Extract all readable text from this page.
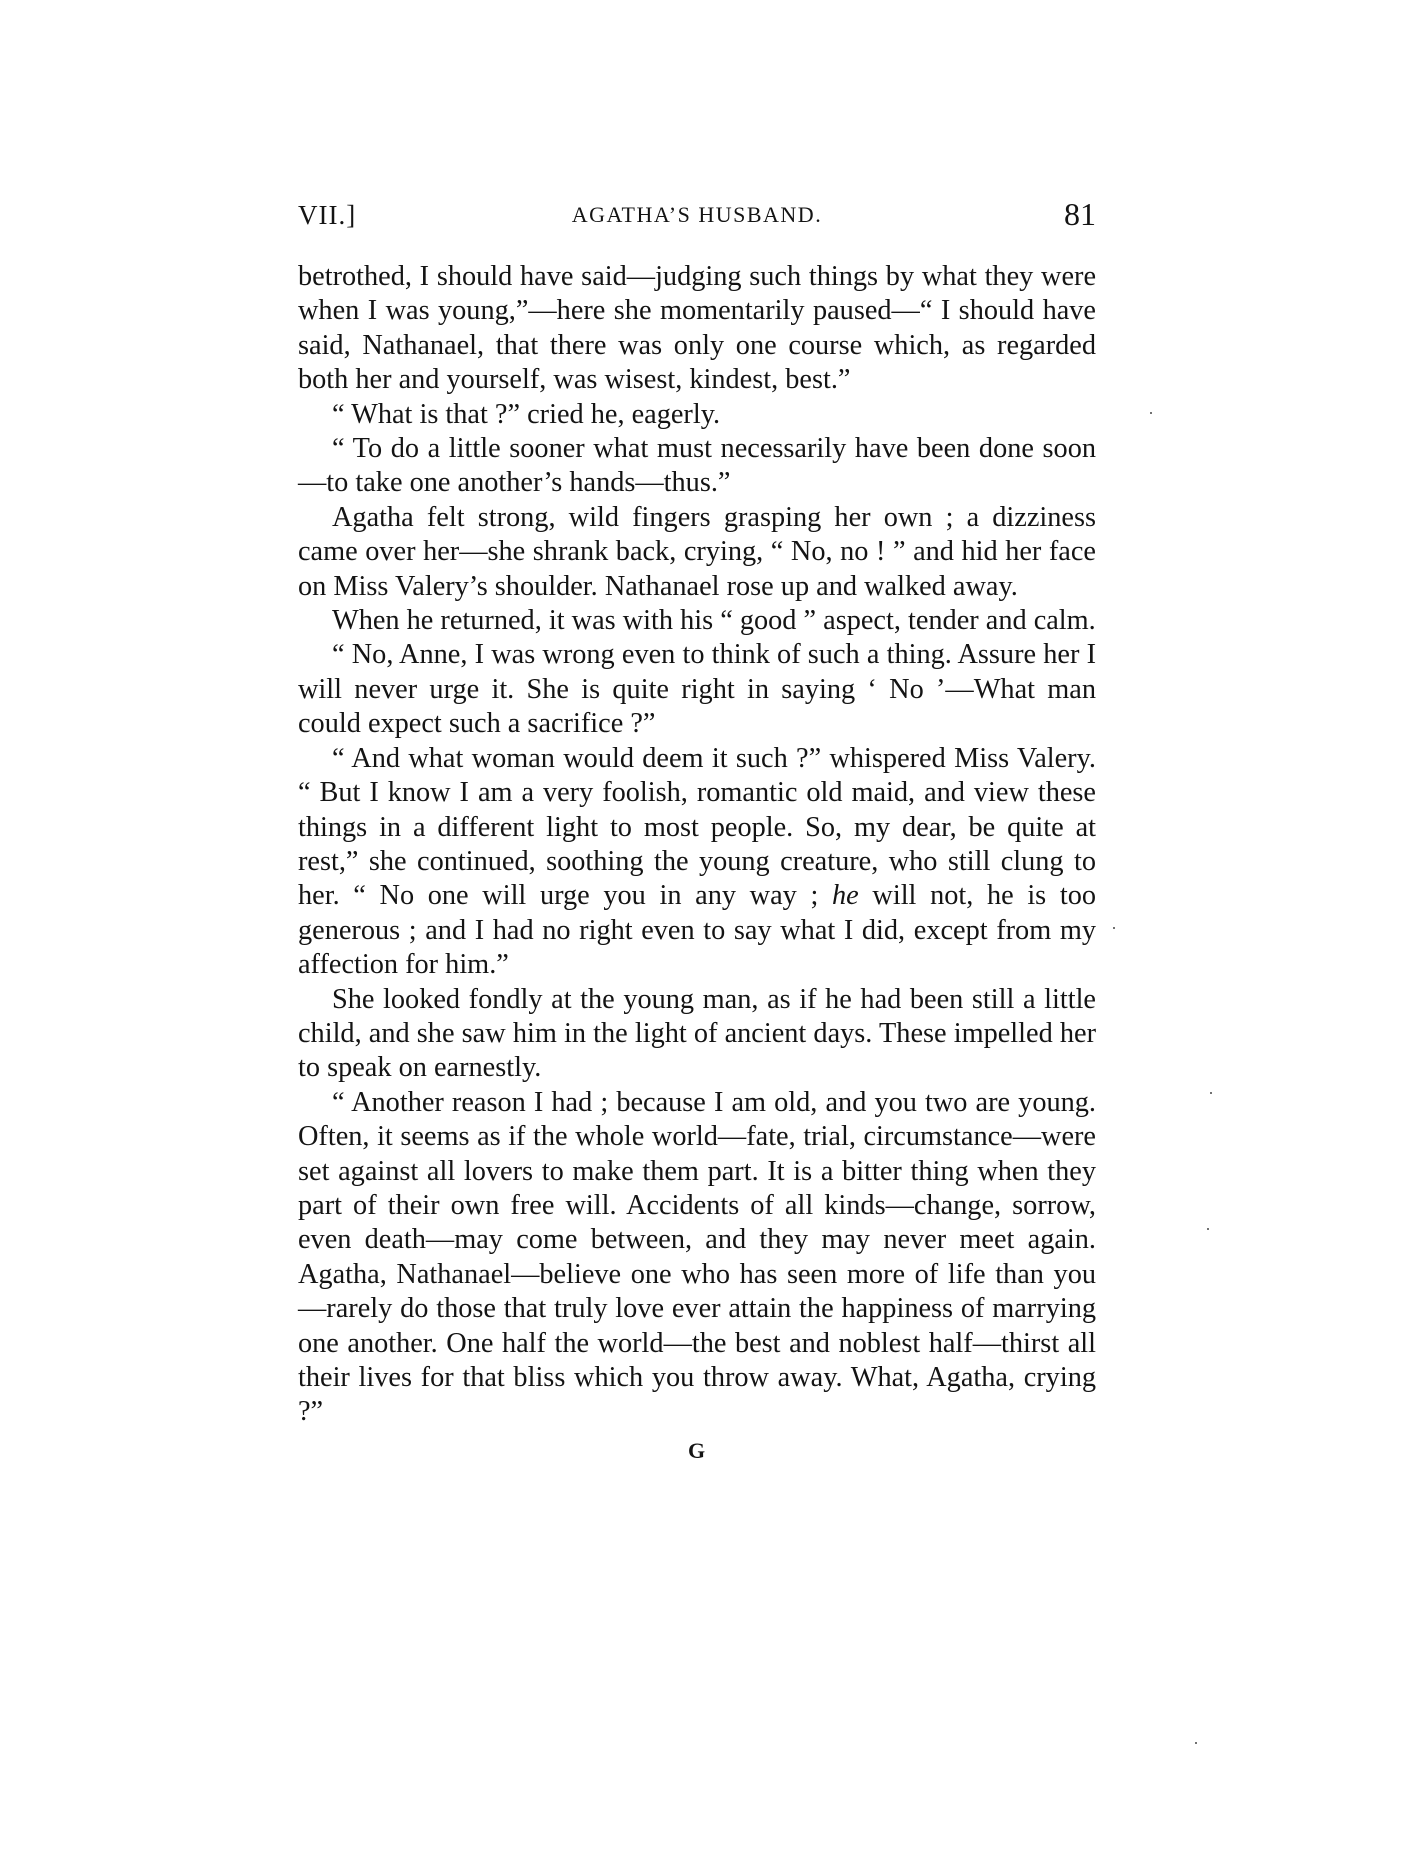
VII.]	AGATHA’S HUSBAND.	81

betrothed, I should have said—judging such things by what they were when I was young,”—here she momentarily paused—“ I should have said, Nathanael, that there was only one course which, as regarded both her and yourself, was wisest, kindest, best.”

“ What is that ?” cried he, eagerly.

“ To do a little sooner what must necessarily have been done soon—to take one another’s hands—thus.”

Agatha felt strong, wild fingers grasping her own ; a dizziness came over her—she shrank back, crying, “ No, no ! ” and hid her face on Miss Valery’s shoulder. Nathanael rose up and walked away.

When he returned, it was with his “ good ” aspect, tender and calm.

“ No, Anne, I was wrong even to think of such a thing. Assure her I will never urge it. She is quite right in saying ‘ No ’—What man could expect such a sacrifice ?”

“ And what woman would deem it such ?” whispered Miss Valery. “ But I know I am a very foolish, romantic old maid, and view these things in a different light to most people. So, my dear, be quite at rest,” she continued, soothing the young creature, who still clung to her. “ No one will urge you in any way ; he will not, he is too generous ; and I had no right even to say what I did, except from my affection for him.”

She looked fondly at the young man, as if he had been still a little child, and she saw him in the light of ancient days. These impelled her to speak on earnestly.

“ Another reason I had ; because I am old, and you two are young. Often, it seems as if the whole world—fate, trial, circumstance—were set against all lovers to make them part. It is a bitter thing when they part of their own free will. Accidents of all kinds—change, sorrow, even death—may come between, and they may never meet again. Agatha, Nathanael—believe one who has seen more of life than you—rarely do those that truly love ever attain the happiness of marrying one another. One half the world—the best and noblest half—thirst all their lives for that bliss which you throw away. What, Agatha, crying ?”

G
